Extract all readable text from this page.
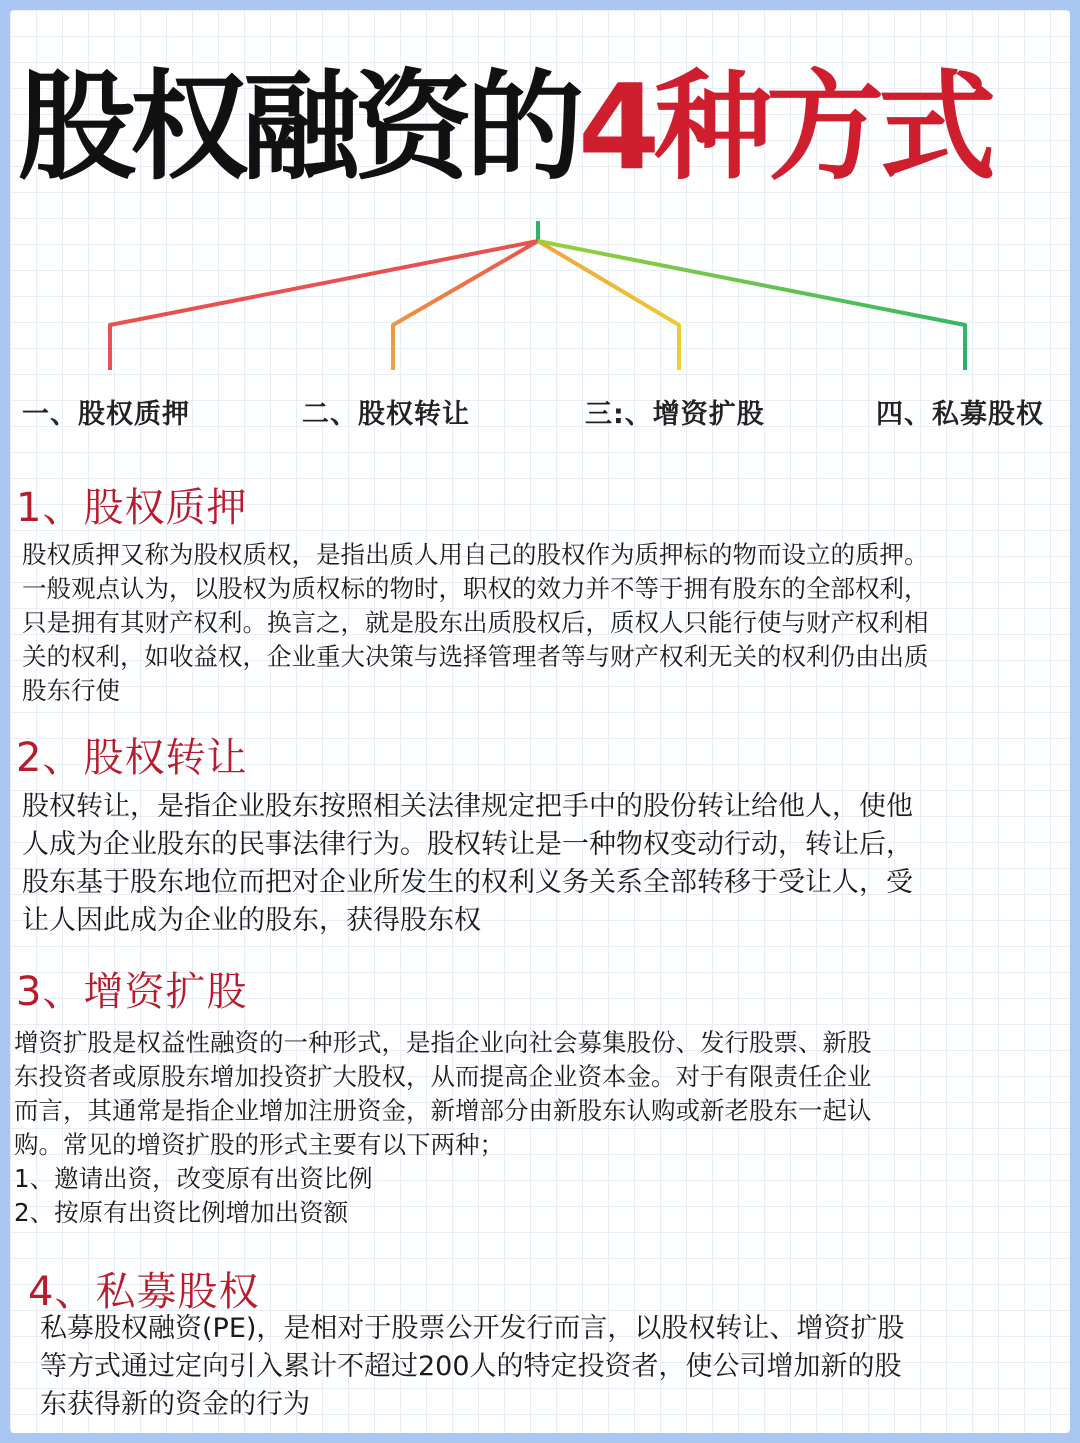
股权融资的4种方式
一、股权质押	二、股权转让	三:、增资扩股	四、私募股权
1、股权质押
股权质押又称为股权质权，是指出质人用自己的股权作为质押标的物而设立的质押。
一般观点认为，以股权为质权标的物时，职权的效力并不等于拥有股东的全部权利，
只是拥有其财产权利。换言之，就是股东出质股权后，质权人只能行使与财产权利相
关的权利，如收益权，企业重大决策与选择管理者等与财产权利无关的权利仍由出质
股东行使
2、股权转让
股权转让，是指企业股东按照相关法律规定把手中的股份转让给他人，使他
人成为企业股东的民事法律行为。股权转让是一种物权变动行动，转让后，
股东基于股东地位而把对企业所发生的权利义务关系全部转移于受让人，受
让人因此成为企业的股东，获得股东权
3、增资扩股
增资扩股是权益性融资的一种形式，是指企业向社会募集股份、发行股票、新股
东投资者或原股东增加投资扩大股权，从而提高企业资本金。对于有限责任企业
而言，其通常是指企业增加注册资金，新增部分由新股东认购或新老股东一起认
购。常见的增资扩股的形式主要有以下两种；
1、邀请出资，改变原有出资比例
2、按原有出资比例增加出资额
4、私募股权
私募股权融资(PE)，是相对于股票公开发行而言，以股权转让、增资扩股
等方式通过定向引入累计不超过200人的特定投资者，使公司增加新的股
东获得新的资金的行为
